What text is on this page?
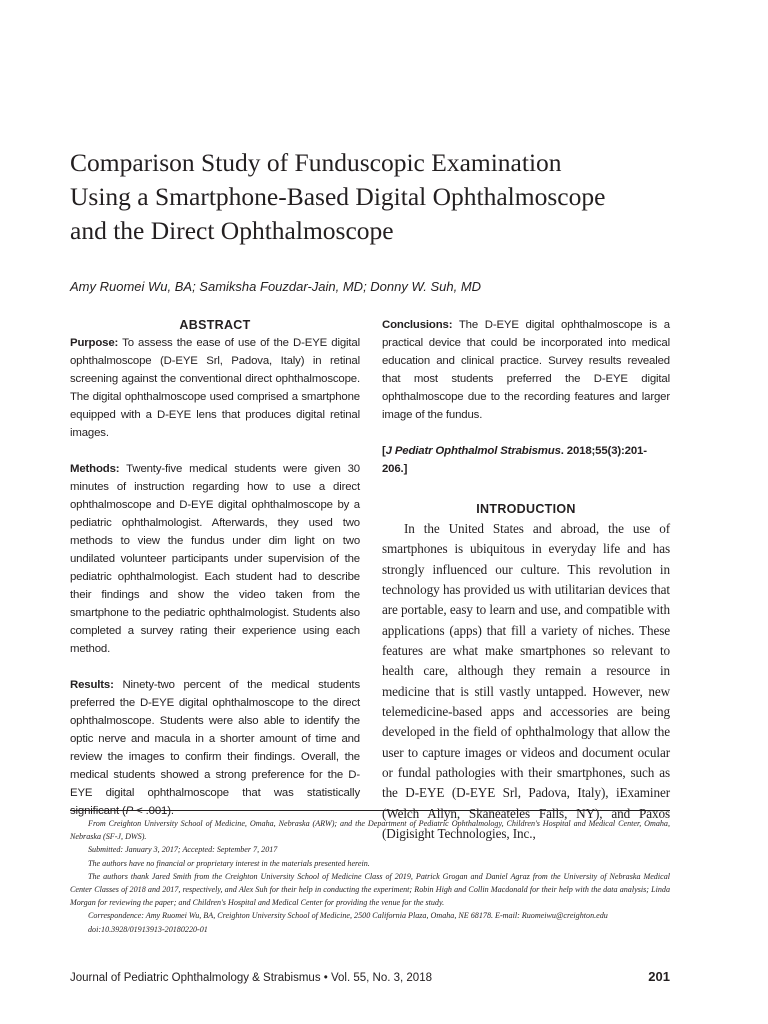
Comparison Study of Funduscopic Examination
Using a Smartphone-Based Digital Ophthalmoscope
and the Direct Ophthalmoscope
Amy Ruomei Wu, BA; Samiksha Fouzdar-Jain, MD; Donny W. Suh, MD

ABSTRACT

Purpose: To assess the ease of use of the D-EYE digital ophthalmoscope (D-EYE Srl, Padova, Italy) in retinal screening against the conventional direct ophthalmoscope. The digital ophthalmoscope used comprised a smartphone equipped with a D-EYE lens that produces digital retinal images.

Methods: Twenty-five medical students were given 30 minutes of instruction regarding how to use a direct ophthalmoscope and D-EYE digital ophthalmoscope by a pediatric ophthalmologist. Afterwards, they used two methods to view the fundus under dim light on two undilated volunteer participants under supervision of the pediatric ophthalmologist. Each student had to describe their findings and show the video taken from the smartphone to the pediatric ophthalmologist. Students also completed a survey rating their experience using each method.

Results: Ninety-two percent of the medical students preferred the D-EYE digital ophthalmoscope to the direct ophthalmoscope. Students were also able to identify the optic nerve and macula in a shorter amount of time and review the images to confirm their findings. Overall, the medical students showed a strong preference for the D-EYE digital ophthalmoscope that was statistically significant (P < .001).

Conclusions: The D-EYE digital ophthalmoscope is a practical device that could be incorporated into medical education and clinical practice. Survey results revealed that most students preferred the D-EYE digital ophthalmoscope due to the recording features and larger image of the fundus.

[J Pediatr Ophthalmol Strabismus. 2018;55(3):201-206.]

INTRODUCTION

In the United States and abroad, the use of smartphones is ubiquitous in everyday life and has strongly influenced our culture. This revolution in technology has provided us with utilitarian devices that are portable, easy to learn and use, and compatible with applications (apps) that fill a variety of niches. These features are what make smartphones so relevant to health care, although they remain a resource in medicine that is still vastly untapped. However, new telemedicine-based apps and accessories are being developed in the field of ophthalmology that allow the user to capture images or videos and document ocular or fundal pathologies with their smartphones, such as the D-EYE (D-EYE Srl, Padova, Italy), iExaminer (Welch Allyn, Skaneateles Falls, NY), and Paxos (Digisight Technologies, Inc.,

From Creighton University School of Medicine, Omaha, Nebraska (ARW); and the Department of Pediatric Ophthalmology, Children's Hospital and Medical Center, Omaha, Nebraska (SF-J, DWS).

Submitted: January 3, 2017; Accepted: September 7, 2017

The authors have no financial or proprietary interest in the materials presented herein.

The authors thank Jared Smith from the Creighton University School of Medicine Class of 2019, Patrick Grogan and Daniel Agraz from the University of Nebraska Medical Center Classes of 2018 and 2017, respectively, and Alex Suh for their help in conducting the experiment; Robin High and Collin Macdonald for their help with the data analysis; Linda Morgan for reviewing the paper; and Children's Hospital and Medical Center for providing the venue for the study.

Correspondence: Amy Ruomei Wu, BA, Creighton University School of Medicine, 2500 California Plaza, Omaha, NE 68178. E-mail: Ruomeiwu@creighton.edu

doi:10.3928/01913913-20180220-01

Journal of Pediatric Ophthalmology & Strabismus • Vol. 55, No. 3, 2018	201
